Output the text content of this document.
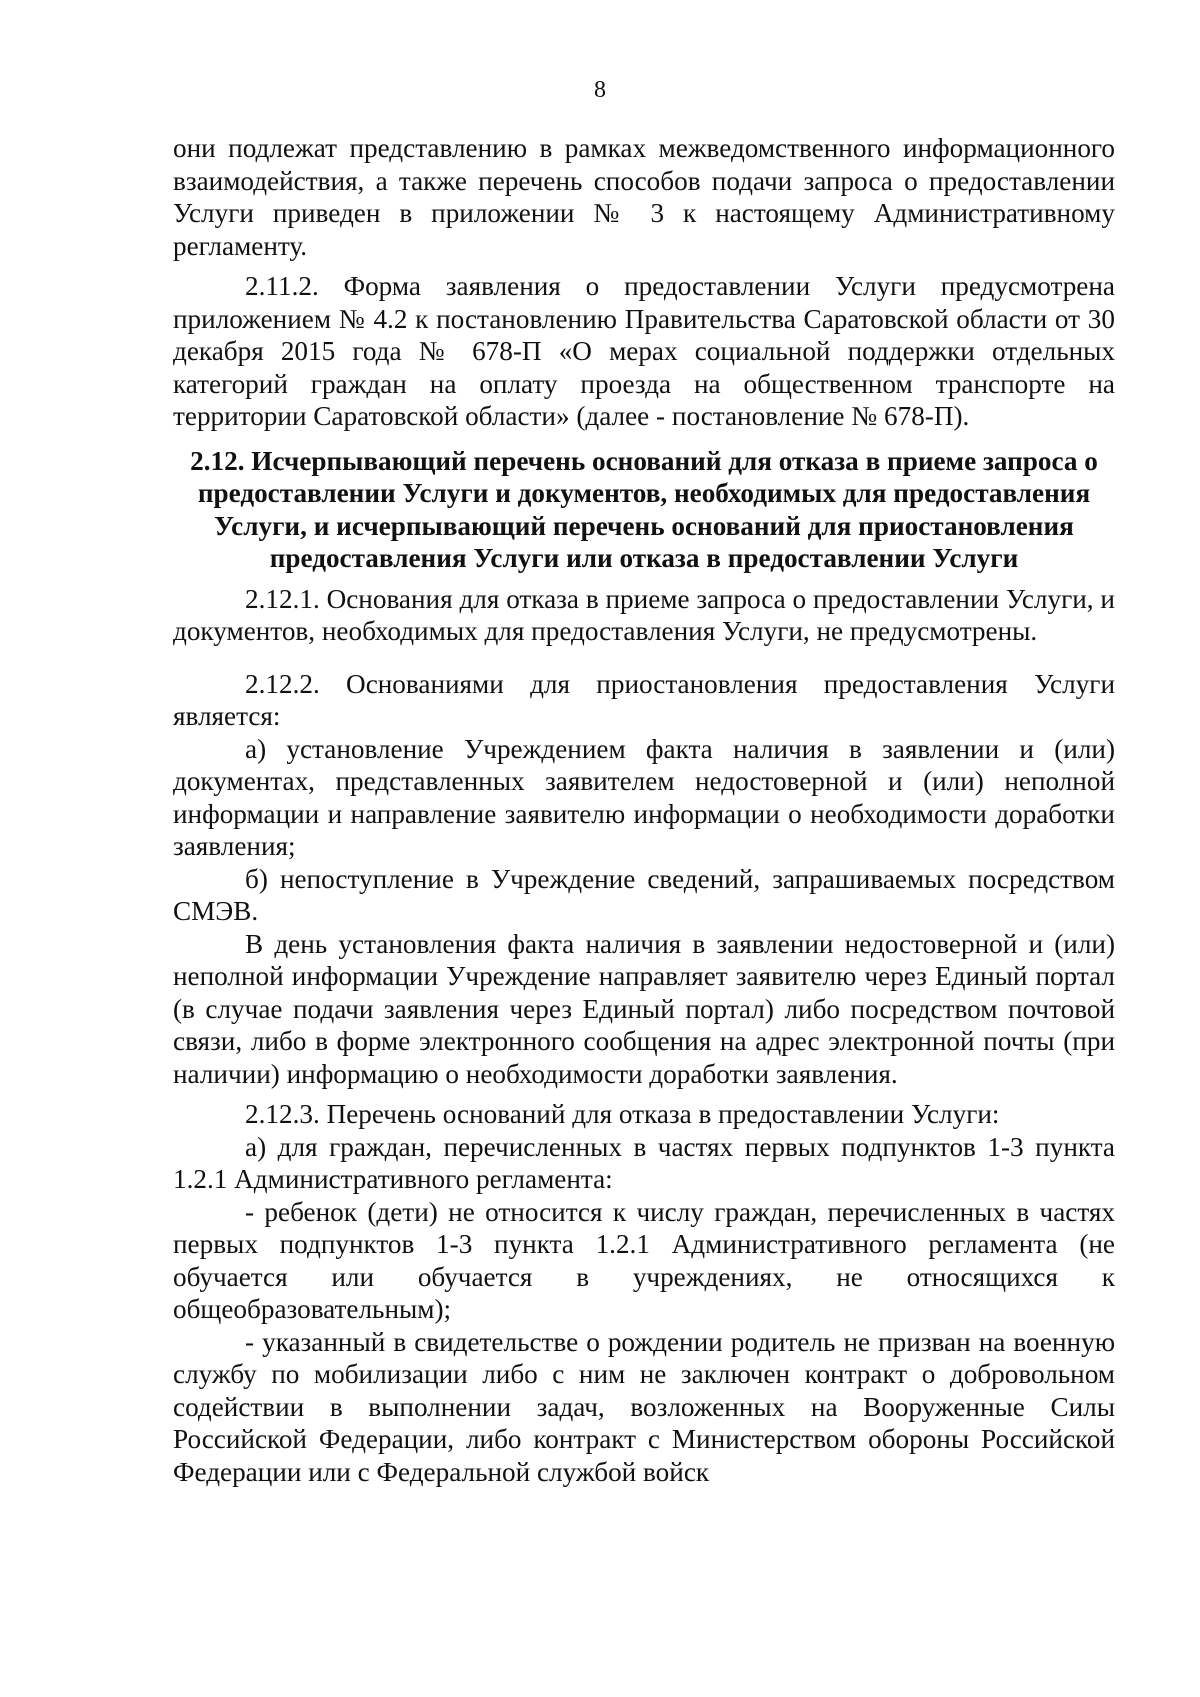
8

они подлежат представлению в рамках межведомственного информационного взаимодействия, а также перечень способов подачи запроса о предоставлении Услуги приведен в приложении № 3 к настоящему Административному регламенту.

2.11.2. Форма заявления о предоставлении Услуги предусмотрена приложением № 4.2 к постановлению Правительства Саратовской области от 30 декабря 2015 года № 678-П «О мерах социальной поддержки отдельных категорий граждан на оплату проезда на общественном транспорте на территории Саратовской области» (далее - постановление № 678-П).

2.12. Исчерпывающий перечень оснований для отказа в приеме запроса о предоставлении Услуги и документов, необходимых для предоставления Услуги, и исчерпывающий перечень оснований для приостановления предоставления Услуги или отказа в предоставлении Услуги

2.12.1. Основания для отказа в приеме запроса о предоставлении Услуги, и документов, необходимых для предоставления Услуги, не предусмотрены.

2.12.2. Основаниями для приостановления предоставления Услуги является:

а) установление Учреждением факта наличия в заявлении и (или) документах, представленных заявителем недостоверной и (или) неполной информации и направление заявителю информации о необходимости доработки заявления;

б) непоступление в Учреждение сведений, запрашиваемых посредством СМЭВ.

В день установления факта наличия в заявлении недостоверной и (или) неполной информации Учреждение направляет заявителю через Единый портал (в случае подачи заявления через Единый портал) либо посредством почтовой связи, либо в форме электронного сообщения на адрес электронной почты (при наличии) информацию о необходимости доработки заявления.

2.12.3. Перечень оснований для отказа в предоставлении Услуги:

а) для граждан, перечисленных в частях первых подпунктов 1-3 пункта 1.2.1 Административного регламента:

- ребенок (дети) не относится к числу граждан, перечисленных в частях первых подпунктов 1-3 пункта 1.2.1 Административного регламента (не обучается или обучается в учреждениях, не относящихся к общеобразовательным);

- указанный в свидетельстве о рождении родитель не призван на военную службу по мобилизации либо с ним не заключен контракт о добровольном содействии в выполнении задач, возложенных на Вооруженные Силы Российской Федерации, либо контракт с Министерством обороны Российской Федерации или с Федеральной службой войск
